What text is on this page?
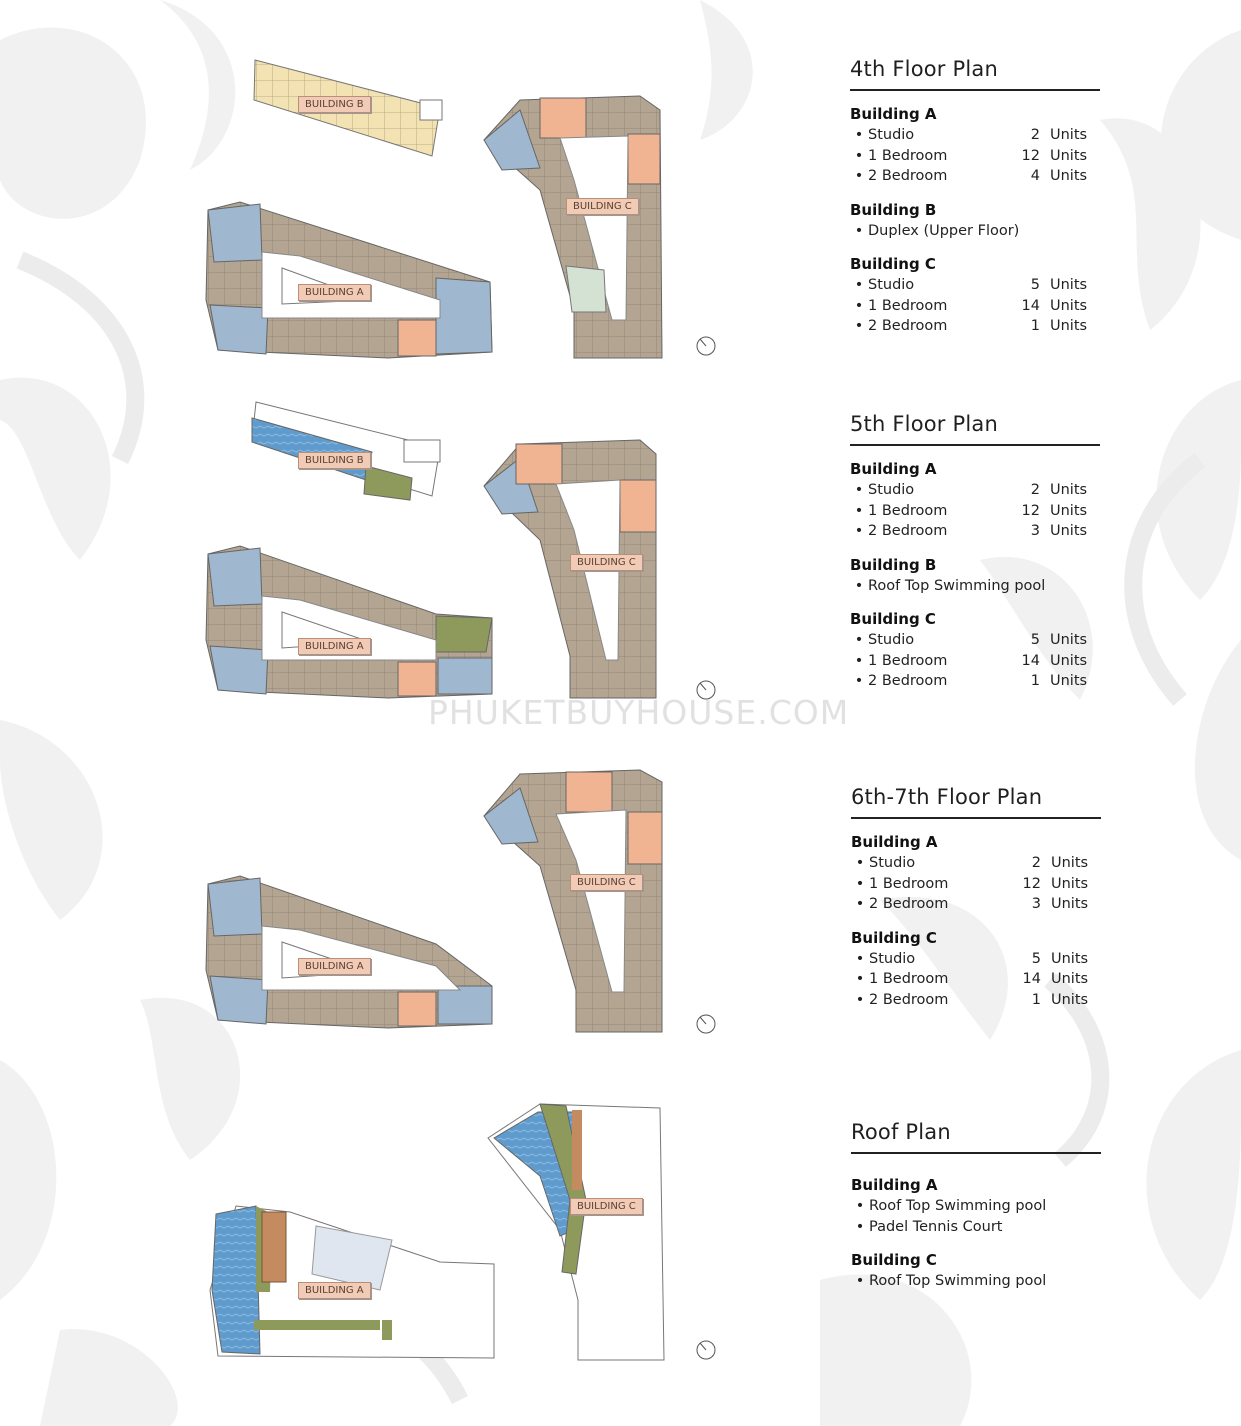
BUILDING B
BUILDING C
BUILDING A
BUILDING B
BUILDING C
BUILDING A
BUILDING C
BUILDING A
BUILDING C
BUILDING A
PHUKETBUYHOUSE.COM
4th Floor Plan
Building A
• Studio	2 Units
• 1 Bedroom	12 Units
• 2 Bedroom	4 Units
Building B
• Duplex (Upper Floor)
Building C
• Studio	5 Units
• 1 Bedroom	14 Units
• 2 Bedroom	1 Units
5th Floor Plan
Building A
• Studio	2 Units
• 1 Bedroom	12 Units
• 2 Bedroom	3 Units
Building B
• Roof Top Swimming pool
Building C
• Studio	5 Units
• 1 Bedroom	14 Units
• 2 Bedroom	1 Units
6th-7th Floor Plan
Building A
• Studio	2 Units
• 1 Bedroom	12 Units
• 2 Bedroom	3 Units
Building C
• Studio	5 Units
• 1 Bedroom	14 Units
• 2 Bedroom	1 Units
Roof Plan
Building A
• Roof Top Swimming pool
• Padel Tennis Court
Building C
• Roof Top Swimming pool
